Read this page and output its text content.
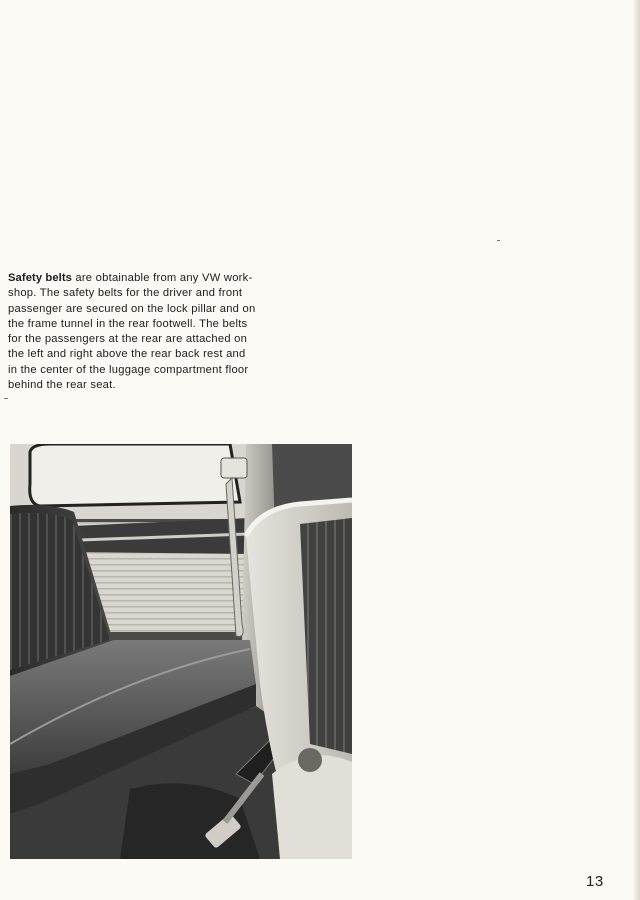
Safety belts are obtainable from any VW work-
shop. The safety belts for the driver and front
passenger are secured on the lock pillar and on
the frame tunnel in the rear footwell. The belts
for the passengers at the rear are attached on
the left and right above the rear back rest and
in the center of the luggage compartment floor
behind the rear seat.

13
